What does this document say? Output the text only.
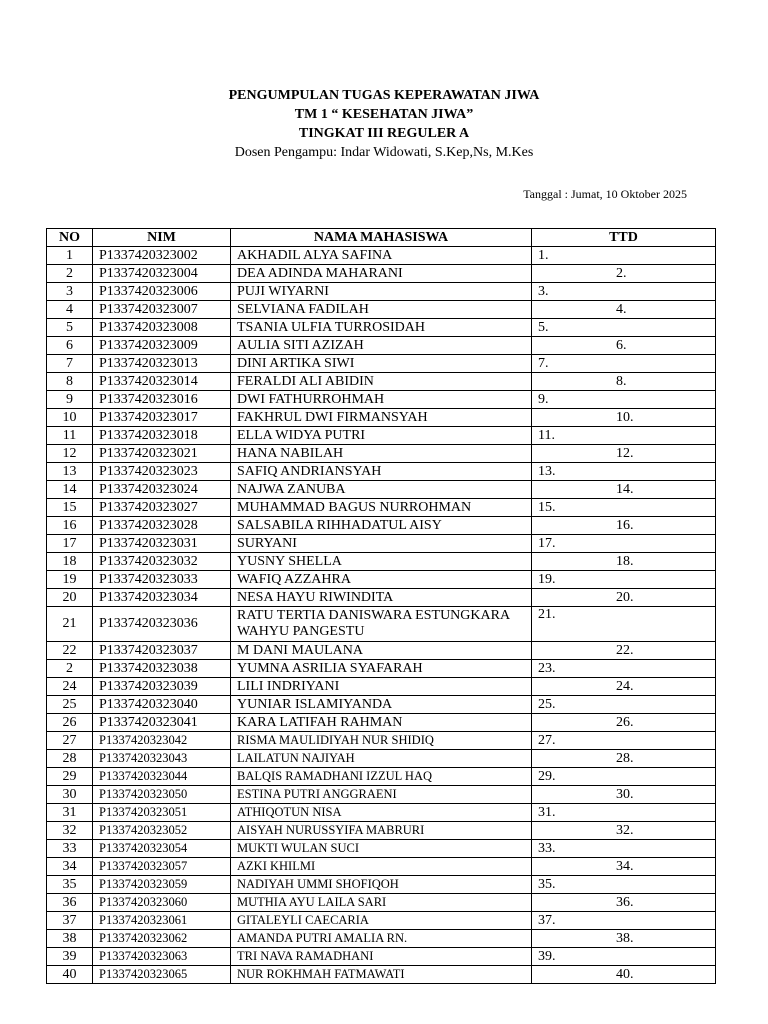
PENGUMPULAN TUGAS KEPERAWATAN JIWA
TM 1 “ KESEHATAN JIWA”
TINGKAT III REGULER A
Dosen Pengampu: Indar Widowati, S.Kep,Ns, M.Kes
Tanggal : Jumat, 10 Oktober 2025
NO	NIM	NAMA MAHASISWA	TTD
1	P1337420323002	AKHADIL ALYA SAFINA	1.
2	P1337420323004	DEA ADINDA MAHARANI	2.
3	P1337420323006	PUJI WIYARNI	3.
4	P1337420323007	SELVIANA FADILAH	4.
5	P1337420323008	TSANIA ULFIA TURROSIDAH	5.
6	P1337420323009	AULIA SITI AZIZAH	6.
7	P1337420323013	DINI ARTIKA SIWI	7.
8	P1337420323014	FERALDI ALI ABIDIN	8.
9	P1337420323016	DWI FATHURROHMAH	9.
10	P1337420323017	FAKHRUL DWI FIRMANSYAH	10.
11	P1337420323018	ELLA WIDYA PUTRI	11.
12	P1337420323021	HANA NABILAH	12.
13	P1337420323023	SAFIQ ANDRIANSYAH	13.
14	P1337420323024	NAJWA ZANUBA	14.
15	P1337420323027	MUHAMMAD BAGUS NURROHMAN	15.
16	P1337420323028	SALSABILA RIHHADATUL AISY	16.
17	P1337420323031	SURYANI	17.
18	P1337420323032	YUSNY SHELLA	18.
19	P1337420323033	WAFIQ AZZAHRA	19.
20	P1337420323034	NESA HAYU RIWINDITA	20.
21	P1337420323036	RATU TERTIA DANISWARA ESTUNGKARA WAHYU PANGESTU	21.
22	P1337420323037	M DANI MAULANA	22.
2	P1337420323038	YUMNA ASRILIA SYAFARAH	23.
24	P1337420323039	LILI INDRIYANI	24.
25	P1337420323040	YUNIAR ISLAMIYANDA	25.
26	P1337420323041	KARA LATIFAH RAHMAN	26.
27	P1337420323042	RISMA MAULIDIYAH NUR SHIDIQ	27.
28	P1337420323043	LAILATUN NAJIYAH	28.
29	P1337420323044	BALQIS RAMADHANI IZZUL HAQ	29.
30	P1337420323050	ESTINA PUTRI ANGGRAENI	30.
31	P1337420323051	ATHIQOTUN NISA	31.
32	P1337420323052	AISYAH NURUSSYIFA MABRURI	32.
33	P1337420323054	MUKTI WULAN SUCI	33.
34	P1337420323057	AZKI KHILMI	34.
35	P1337420323059	NADIYAH UMMI SHOFIQOH	35.
36	P1337420323060	MUTHIA AYU LAILA SARI	36.
37	P1337420323061	GITALEYLI CAECARIA	37.
38	P1337420323062	AMANDA PUTRI AMALIA RN.	38.
39	P1337420323063	TRI NAVA RAMADHANI	39.
40	P1337420323065	NUR ROKHMAH FATMAWATI	40.
